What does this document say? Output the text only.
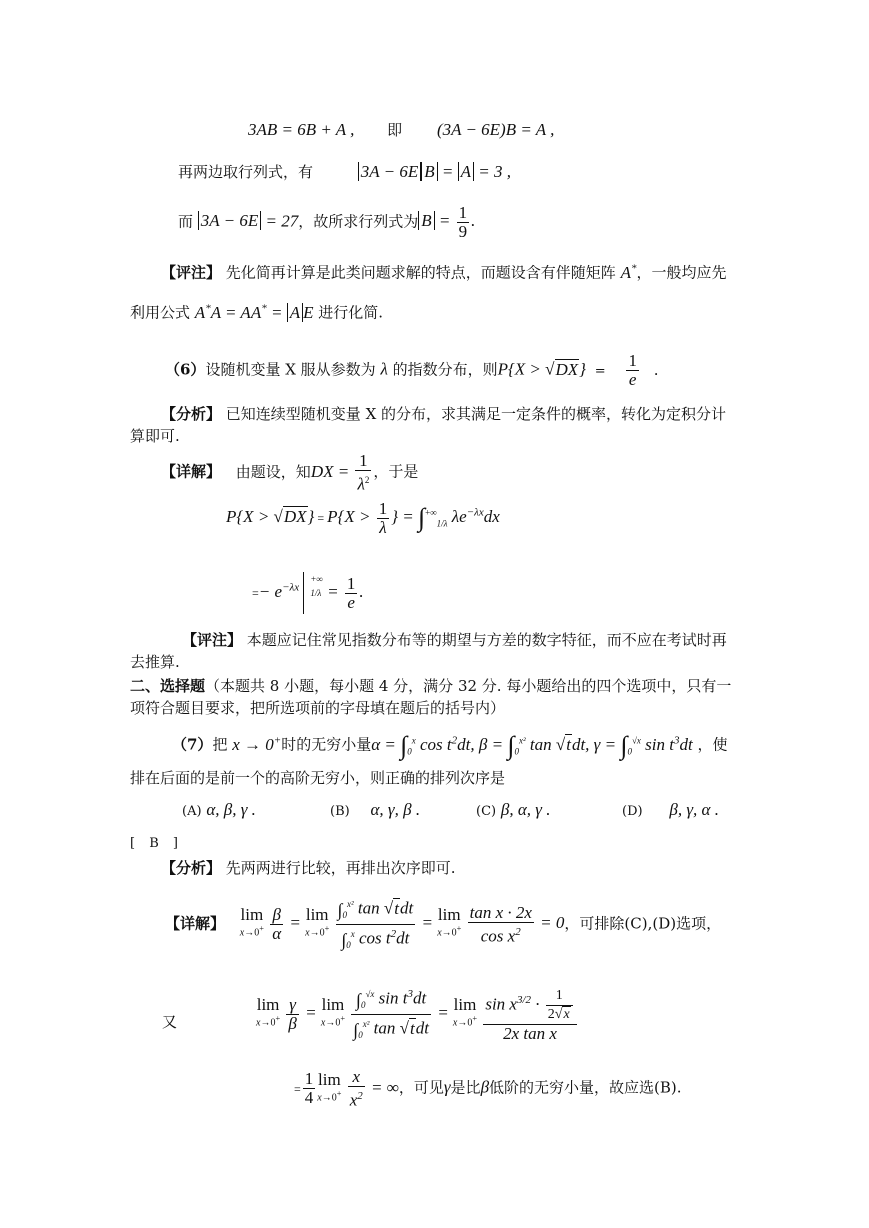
3AB = 6B + A , 即 (3A − 6E)B = A ,
再两边取行列式，有	3A − 6E B = A = 3 ,
而 3A − 6E = 27，故所求行列式为 $B = \frac{1}{9}$ .
【评注】 先化简再计算是此类问题求解的特点，而题设含有伴随矩阵 A*，一般均应先
利用公式 A*A = AA* = A E 进行化简.
（6）设随机变量 X 服从参数为 λ 的指数分布，则$P\{X > √DX\} = \frac{1}{e}$ .
【分析】 已知连续型随机变量 X 的分布，求其满足一定条件的概率，转化为定积分计
算即可.
【详解】 由题设，知DX = $\frac{1}{\lambda^2}$ ，于是
$P\{X > √DX\} = P\{X > \frac{1}{\lambda}$ } = $\int^{+\infty}_{1/\lambda}$ $\lambda e^{-\lambda x}dx$
=− $e^{-\lambda x}$
+∞
$1/\lambda = \frac{1}{e}$ .
【评注】 本题应记住常见指数分布等的期望与方差的数字特征，而不应在考试时再
去推算.
二、选择题（本题共 8 小题，每小题 4 分，满分 32 分. 每小题给出的四个选项中，只有一
项符合题目要求，把所选项前的字母填在题后的括号内）
（7）把 x → 0+时的无穷小量$\alpha = \int_0^x$ $\cos t^2dt$, $\beta = \int_0^{x^2}$ tan √tdt, $\gamma = \int_0^{√x}$ $\sin t^3dt$ ，使
排在后面的是前一个的高阶无穷小，则正确的排列次序是
(A) α, β, γ .	(B) α, γ, β .	(C) β, α, γ .	(D) β, γ, α .
[ B ]
【分析】 先两两进行比较，再排出次序即可.
【详解】 lim
x→0+
$\frac{\beta}{\alpha} = \lim$
x→0+
$\frac{\int_0^{x^2} \tan √tdt}{\int_0^x \cos t^2dt} = \lim$
x→0+
$\frac{\text{tan x · 2x}}{\cos x^2} = 0$，可排除(C),(D)选项，
又
lim
x→0+
$\frac{\gamma}{\beta} = \lim$
x→0+
$\frac{\int_0^{√x} \sin t^3dt}{\int_0^{x^2} \tan √tdt} = \lim$
x→0+
$\frac{\sin x^{3/2} \cdot \frac{1}{2√x}}{\text{2x tan x}}$
= $\frac{1}{4}$ lim
x→0+
$\frac{x}{x^2}$ = ∞，可见γ是比β低阶的无穷小量，故应选(B).
